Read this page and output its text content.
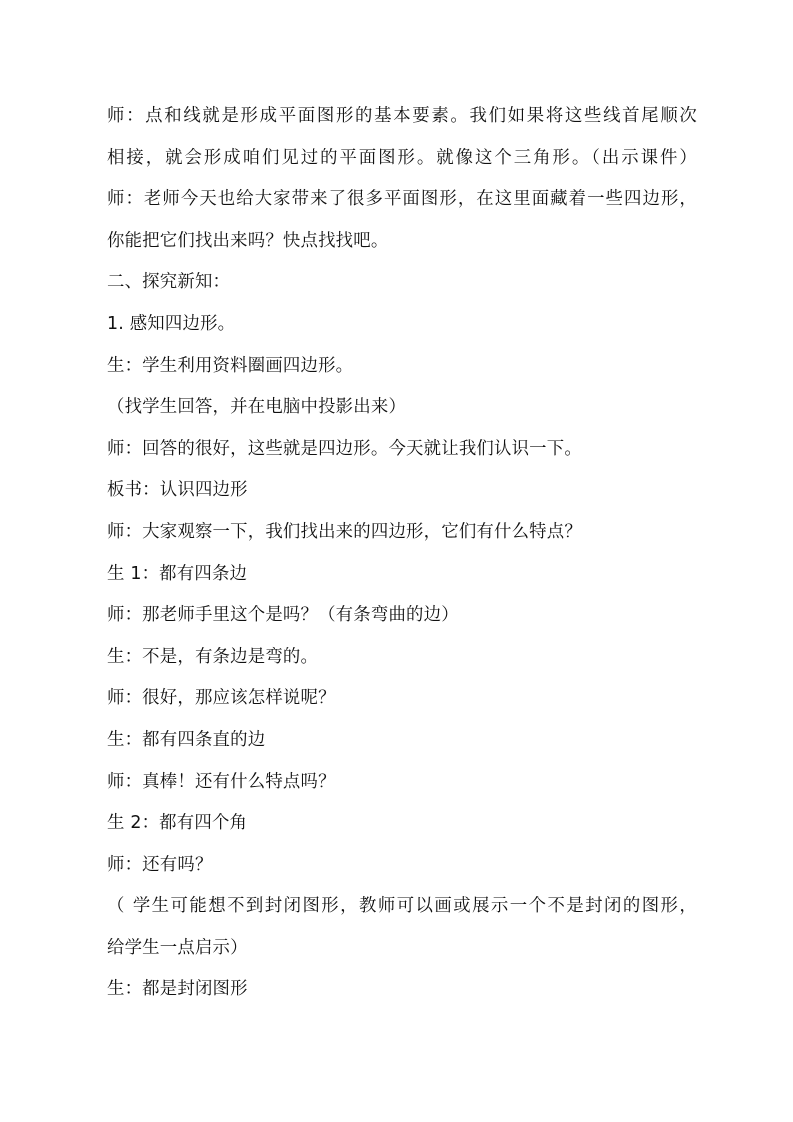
师：点和线就是形成平面图形的基本要素。我们如果将这些线首尾顺次
相接，就会形成咱们见过的平面图形。就像这个三角形。（出示课件）
师：老师今天也给大家带来了很多平面图形，在这里面藏着一些四边形，
你能把它们找出来吗？快点找找吧。
二、探究新知：
1. 感知四边形。
生：学生利用资料圈画四边形。
（找学生回答，并在电脑中投影出来）
师：回答的很好，这些就是四边形。今天就让我们认识一下。
板书：认识四边形
师：大家观察一下，我们找出来的四边形，它们有什么特点？
生 1：都有四条边
师：那老师手里这个是吗？（有条弯曲的边）
生：不是，有条边是弯的。
师：很好，那应该怎样说呢？
生：都有四条直的边
师：真棒！还有什么特点吗？
生 2：都有四个角
师：还有吗？
（ 学生可能想不到封闭图形，教师可以画或展示一个不是封闭的图形，
给学生一点启示）
生：都是封闭图形
